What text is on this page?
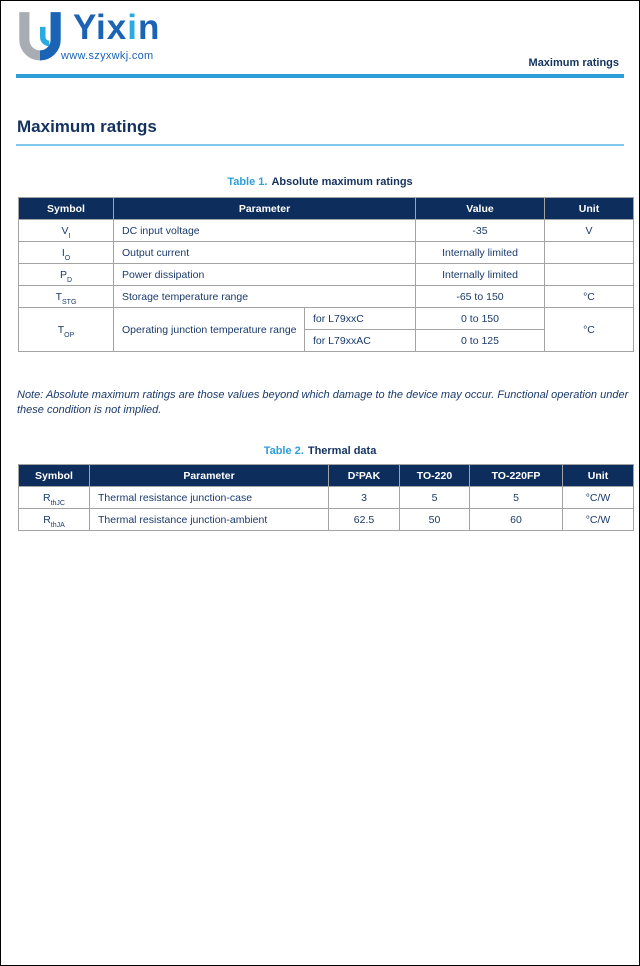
Yixin
www.szyxwkj.com
Maximum ratings
Maximum ratings
Table 1. Absolute maximum ratings
Symbol	Parameter		Value	Unit
$V_I$	DC input voltage		-35	V
$I_O$	Output current		Internally limited	
$P_D$	Power dissipation		Internally limited	
$T_{STG}$	Storage temperature range		-65 to 150	°C
$T_{OP}$	Operating junction temperature range	for L79xxC	0 to 150	°C
		for L79xxAC	0 to 125	

Note: Absolute maximum ratings are those values beyond which damage to the device may occur. Functional operation under these condition is not implied.

Table 2. Thermal data
Symbol	Parameter	D²PAK	TO-220	TO-220FP	Unit
$R_{thJC}$	Thermal resistance junction-case	3	5	5	°C/W
$R_{thJA}$	Thermal resistance junction-ambient	62.5	50	60	°C/W
